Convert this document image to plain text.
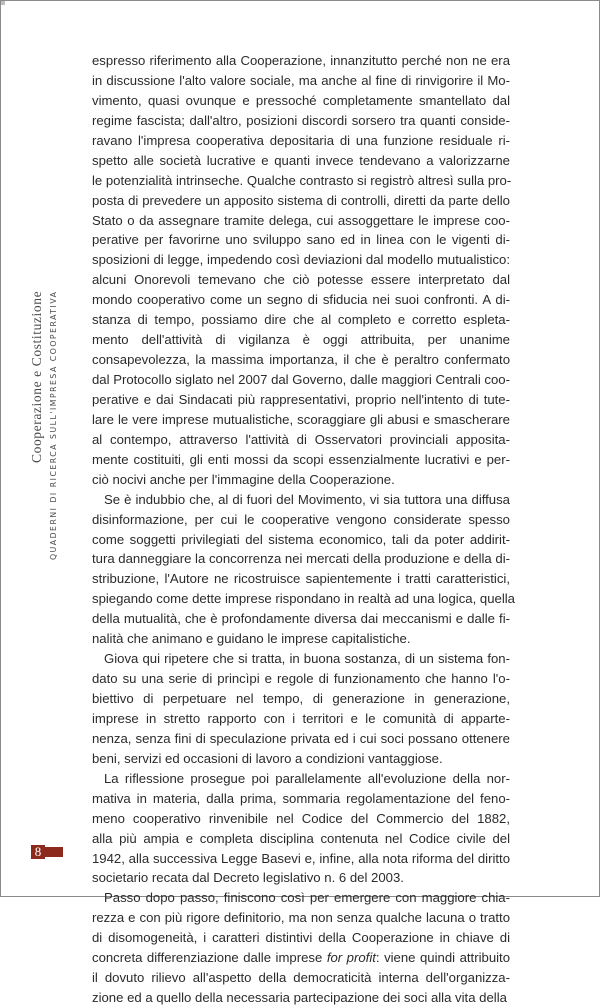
Cooperazione e Costituzione QUADERNI DI RICERCA SULL'IMPRESA COOPERATIVA
8
espresso riferimento alla Cooperazione, innanzitutto perché non ne era
in discussione l'alto valore sociale, ma anche al fine di rinvigorire il Mo-
vimento, quasi ovunque e pressoché completamente smantellato dal
regime fascista; dall'altro, posizioni discordi sorsero tra quanti conside-
ravano l'impresa cooperativa depositaria di una funzione residuale ri-
spetto alle società lucrative e quanti invece tendevano a valorizzarne
le potenzialità intrinseche. Qualche contrasto si registrò altresì sulla pro-
posta di prevedere un apposito sistema di controlli, diretti da parte dello
Stato o da assegnare tramite delega, cui assoggettare le imprese coo-
perative per favorirne uno sviluppo sano ed in linea con le vigenti di-
sposizioni di legge, impedendo così deviazioni dal modello mutualistico:
alcuni Onorevoli temevano che ciò potesse essere interpretato dal
mondo cooperativo come un segno di sfiducia nei suoi confronti. A di-
stanza di tempo, possiamo dire che al completo e corretto espleta-
mento dell'attività di vigilanza è oggi attribuita, per unanime
consapevolezza, la massima importanza, il che è peraltro confermato
dal Protocollo siglato nel 2007 dal Governo, dalle maggiori Centrali coo-
perative e dai Sindacati più rappresentativi, proprio nell'intento di tute-
lare le vere imprese mutualistiche, scoraggiare gli abusi e smascherare
al contempo, attraverso l'attività di Osservatori provinciali apposita-
mente costituiti, gli enti mossi da scopi essenzialmente lucrativi e per-
ciò nocivi anche per l'immagine della Cooperazione.
Se è indubbio che, al di fuori del Movimento, vi sia tuttora una diffusa
disinformazione, per cui le cooperative vengono considerate spesso
come soggetti privilegiati del sistema economico, tali da poter addirit-
tura danneggiare la concorrenza nei mercati della produzione e della di-
stribuzione, l'Autore ne ricostruisce sapientemente i tratti caratteristici,
spiegando come dette imprese rispondano in realtà ad una logica, quella
della mutualità, che è profondamente diversa dai meccanismi e dalle fi-
nalità che animano e guidano le imprese capitalistiche.
Giova qui ripetere che si tratta, in buona sostanza, di un sistema fon-
dato su una serie di princìpi e regole di funzionamento che hanno l'o-
biettivo di perpetuare nel tempo, di generazione in generazione,
imprese in stretto rapporto con i territori e le comunità di apparte-
nenza, senza fini di speculazione privata ed i cui soci possano ottenere
beni, servizi ed occasioni di lavoro a condizioni vantaggiose.
La riflessione prosegue poi parallelamente all'evoluzione della nor-
mativa in materia, dalla prima, sommaria regolamentazione del feno-
meno cooperativo rinvenibile nel Codice del Commercio del 1882,
alla più ampia e completa disciplina contenuta nel Codice civile del
1942, alla successiva Legge Basevi e, infine, alla nota riforma del diritto
societario recata dal Decreto legislativo n. 6 del 2003.
Passo dopo passo, finiscono così per emergere con maggiore chia-
rezza e con più rigore definitorio, ma non senza qualche lacuna o tratto
di disomogeneità, i caratteri distintivi della Cooperazione in chiave di
concreta differenziazione dalle imprese for profit: viene quindi attribuito
il dovuto rilievo all'aspetto della democraticità interna dell'organizza-
zione ed a quello della necessaria partecipazione dei soci alla vita della
